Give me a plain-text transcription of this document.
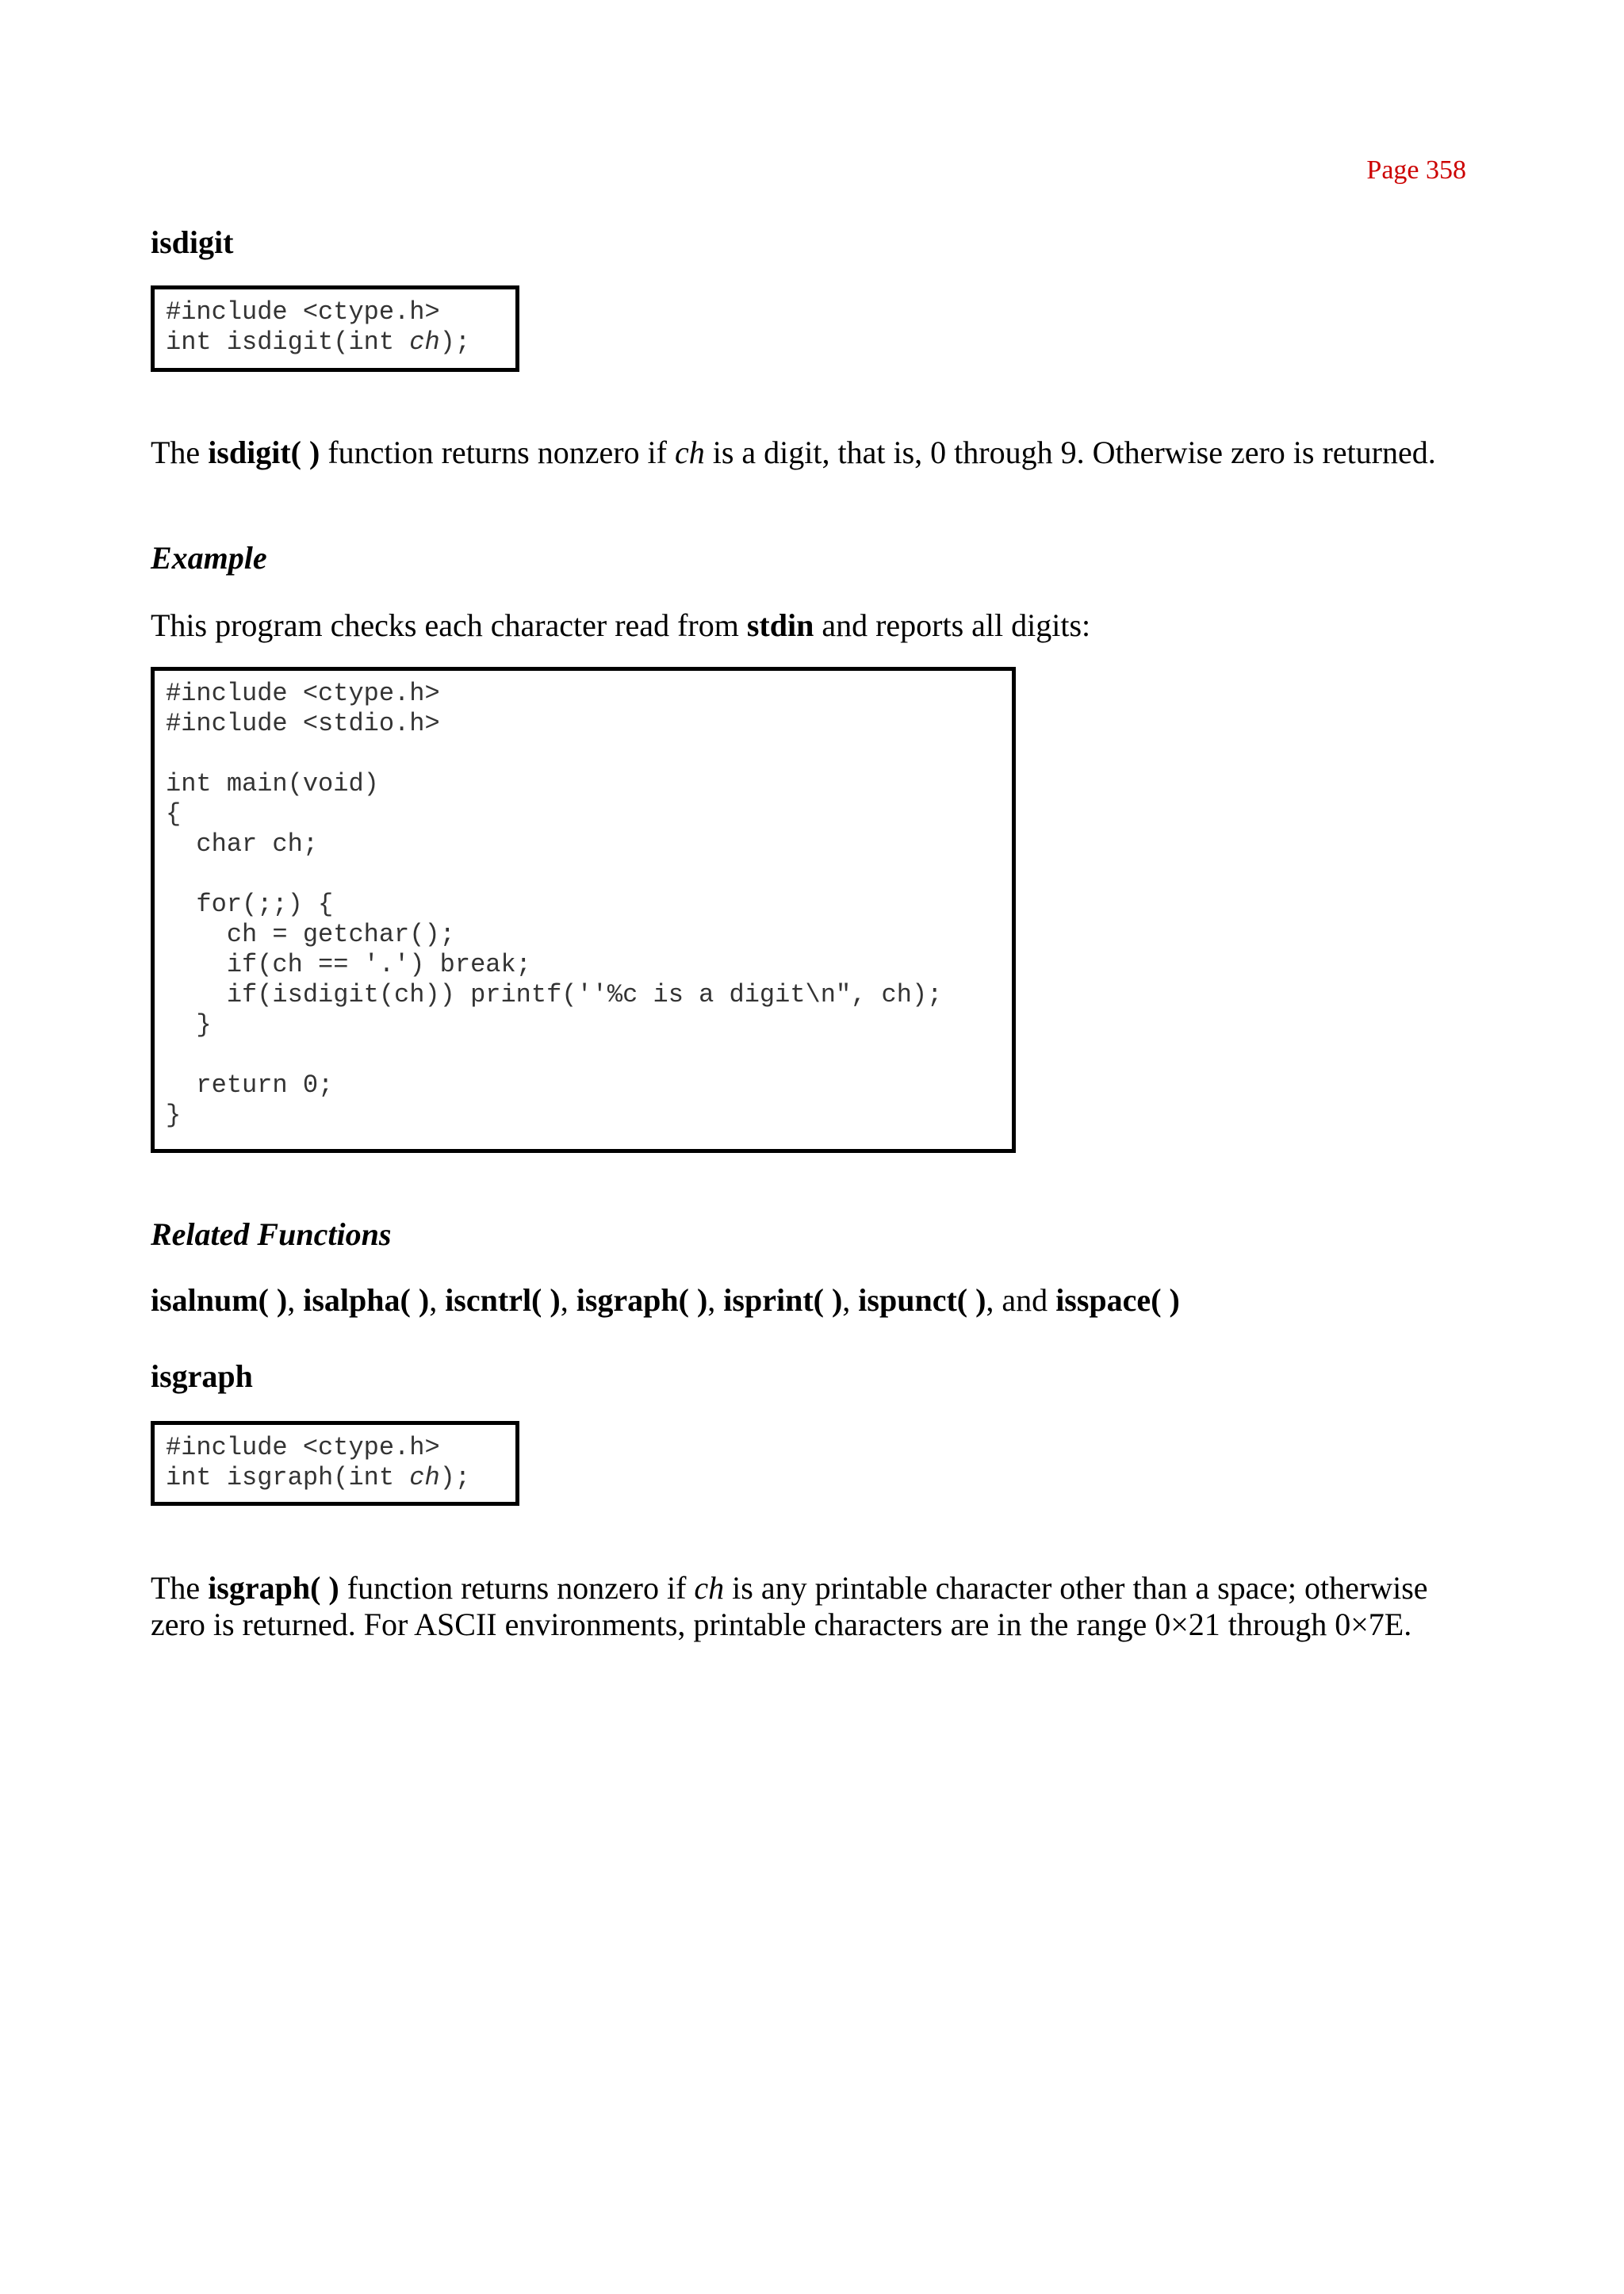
Page 358
isdigit
#include <ctype.h>
int isdigit(int ch);
The isdigit( ) function returns nonzero if ch is a digit, that is, 0 through 9. Otherwise zero is returned.
Example
This program checks each character read from stdin and reports all digits:
#include <ctype.h>
#include <stdio.h>
int main(void)
{
char ch;
for(;;) {
ch = getchar();
if(ch == '.') break;
if(isdigit(ch)) printf(''%c is a digit\n", ch);
}
return 0;
}
Related Functions
isalnum( ), isalpha( ), iscntrl( ), isgraph( ), isprint( ), ispunct( ), and isspace( )
isgraph
#include <ctype.h>
int isgraph(int ch);
The isgraph( ) function returns nonzero if ch is any printable character other than a space; otherwise zero is returned. For ASCII environments, printable characters are in the range 0×21 through 0×7E.
